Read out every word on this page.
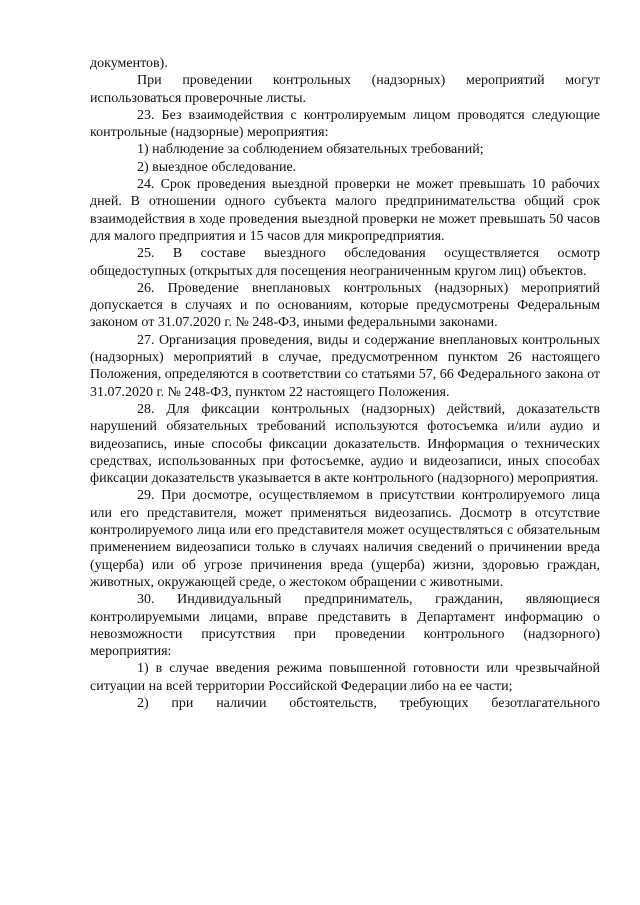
документов).

При проведении контрольных (надзорных) мероприятий могут использоваться проверочные листы.

23. Без взаимодействия с контролируемым лицом проводятся следующие контрольные (надзорные) мероприятия:

1) наблюдение за соблюдением обязательных требований;

2) выездное обследование.

24. Срок проведения выездной проверки не может превышать 10 рабочих дней. В отношении одного субъекта малого предпринимательства общий срок взаимодействия в ходе проведения выездной проверки не может превышать 50 часов для малого предприятия и 15 часов для микропредприятия.

25. В составе выездного обследования осуществляется осмотр общедоступных (открытых для посещения неограниченным кругом лиц) объектов.

26. Проведение внеплановых контрольных (надзорных) мероприятий допускается в случаях и по основаниям, которые предусмотрены Федеральным законом от 31.07.2020 г. № 248-ФЗ, иными федеральными законами.

27. Организация проведения, виды и содержание внеплановых контрольных (надзорных) мероприятий в случае, предусмотренном пунктом 26 настоящего Положения, определяются в соответствии со статьями 57, 66 Федерального закона от 31.07.2020 г. № 248-ФЗ, пунктом 22 настоящего Положения.

28. Для фиксации контрольных (надзорных) действий, доказательств нарушений обязательных требований используются фотосъемка и/или аудио и видеозапись, иные способы фиксации доказательств. Информация о технических средствах, использованных при фотосъемке, аудио и видеозаписи, иных способах фиксации доказательств указывается в акте контрольного (надзорного) мероприятия.

29. При досмотре, осуществляемом в присутствии контролируемого лица или его представителя, может применяться видеозапись. Досмотр в отсутствие контролируемого лица или его представителя может осуществляться с обязательным применением видеозаписи только в случаях наличия сведений о причинении вреда (ущерба) или об угрозе причинения вреда (ущерба) жизни, здоровью граждан, животных, окружающей среде, о жестоком обращении с животными.

30. Индивидуальный предприниматель, гражданин, являющиеся контролируемыми лицами, вправе представить в Департамент информацию о невозможности присутствия при проведении контрольного (надзорного) мероприятия:

1) в случае введения режима повышенной готовности или чрезвычайной ситуации на всей территории Российской Федерации либо на ее части;

2) при наличии обстоятельств, требующих безотлагательного
